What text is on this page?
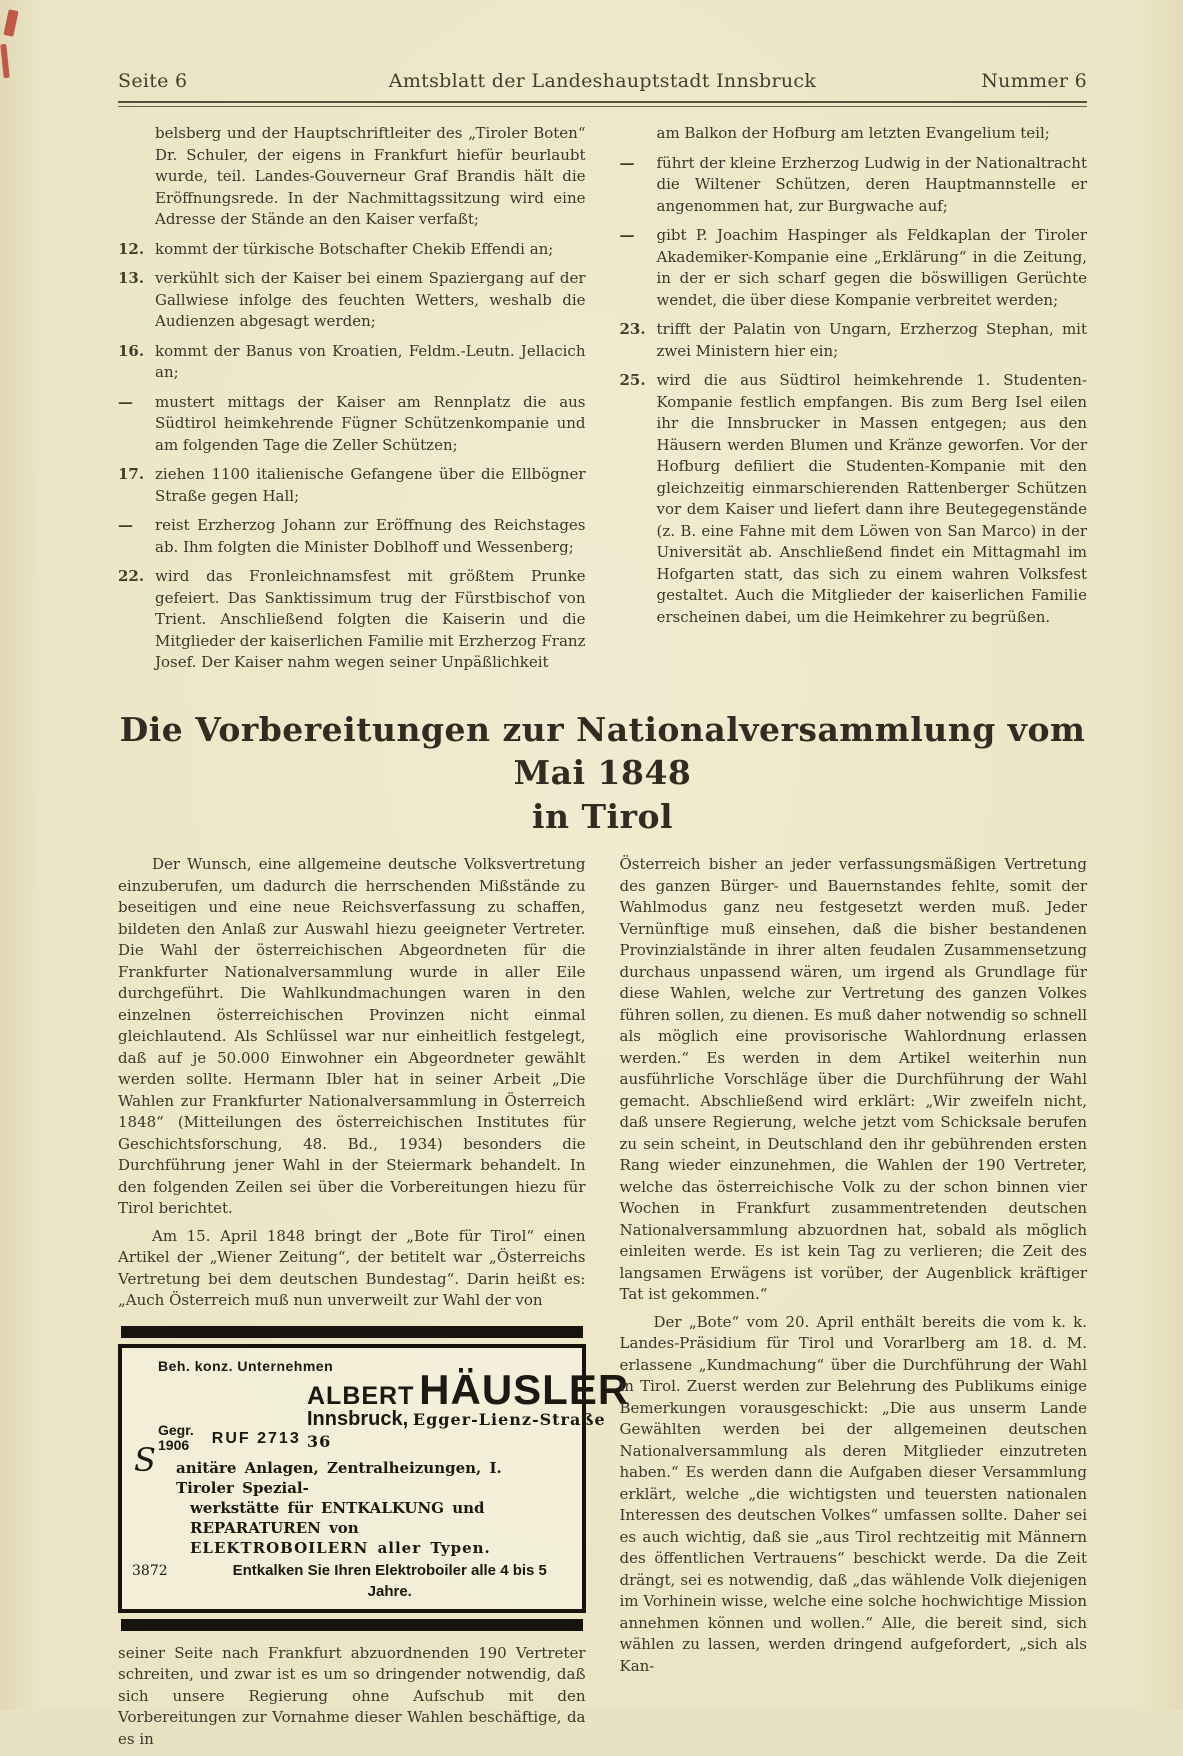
Seite 6	Amtsblatt der Landeshauptstadt Innsbruck	Nummer 6
belsberg und der Hauptschriftleiter des „Tiroler Boten“ Dr. Schuler, der eigens in Frankfurt hiefür beurlaubt wurde, teil. Landes-Gouverneur Graf Brandis hält die Eröffnungsrede. In der Nachmittagssitzung wird eine Adresse der Stände an den Kaiser verfaßt;
12. kommt der türkische Botschafter Chekib Effendi an;
13. verkühlt sich der Kaiser bei einem Spaziergang auf der Gallwiese infolge des feuchten Wetters, weshalb die Audienzen abgesagt werden;
16. kommt der Banus von Kroatien, Feldm.-Leutn. Jellacich an;
—	mustert mittags der Kaiser am Rennplatz die aus Südtirol heimkehrende Fügner Schützenkompanie und am folgenden Tage die Zeller Schützen;
17. ziehen 1100 italienische Gefangene über die Ellbögner Straße gegen Hall;
—	reist Erzherzog Johann zur Eröffnung des Reichstages ab. Ihm folgten die Minister Doblhoff und Wessenberg;
22. wird das Fronleichnamsfest mit größtem Prunke gefeiert. Das Sanktissimum trug der Fürstbischof von Trient. Anschließend folgten die Kaiserin und die Mitglieder der kaiserlichen Familie mit Erzherzog Franz Josef. Der Kaiser nahm wegen seiner Unpäßlichkeit
am Balkon der Hofburg am letzten Evangelium teil;
—	führt der kleine Erzherzog Ludwig in der Nationaltracht die Wiltener Schützen, deren Hauptmannstelle er angenommen hat, zur Burgwache auf;
—	gibt P. Joachim Haspinger als Feldkaplan der Tiroler Akademiker-Kompanie eine „Erklärung“ in die Zeitung, in der er sich scharf gegen die böswilligen Gerüchte wendet, die über diese Kompanie verbreitet werden;
23. trifft der Palatin von Ungarn, Erzherzog Stephan, mit zwei Ministern hier ein;
25. wird die aus Südtirol heimkehrende 1. Studenten-Kompanie festlich empfangen. Bis zum Berg Isel eilen ihr die Innsbrucker in Massen entgegen; aus den Häusern werden Blumen und Kränze geworfen. Vor der Hofburg defiliert die Studenten-Kompanie mit den gleichzeitig einmarschierenden Rattenberger Schützen vor dem Kaiser und liefert dann ihre Beutegegenstände (z. B. eine Fahne mit dem Löwen von San Marco) in der Universität ab. Anschließend findet ein Mittagmahl im Hofgarten statt, das sich zu einem wahren Volksfest gestaltet. Auch die Mitglieder der kaiserlichen Familie erscheinen dabei, um die Heimkehrer zu begrüßen.
Die Vorbereitungen zur Nationalversammlung vom Mai 1848
in Tirol

Der Wunsch, eine allgemeine deutsche Volksvertretung einzuberufen, um dadurch die herrschenden Mißstände zu beseitigen und eine neue Reichsverfassung zu schaffen, bildeten den Anlaß zur Auswahl hiezu geeigneter Vertreter. Die Wahl der österreichischen Abgeordneten für die Frankfurter Nationalversammlung wurde in aller Eile durchgeführt. Die Wahlkundmachungen waren in den einzelnen österreichischen Provinzen nicht einmal gleichlautend. Als Schlüssel war nur einheitlich festgelegt, daß auf je 50.000 Einwohner ein Abgeordneter gewählt werden sollte. Hermann Ibler hat in seiner Arbeit „Die Wahlen zur Frankfurter Nationalversammlung in Österreich 1848“ (Mitteilungen des österreichischen Institutes für Geschichtsforschung, 48. Bd., 1934) besonders die Durchführung jener Wahl in der Steiermark behandelt. In den folgenden Zeilen sei über die Vorbereitungen hiezu für Tirol berichtet.

Am 15. April 1848 bringt der „Bote für Tirol“ einen Artikel der „Wiener Zeitung“, der betitelt war „Österreichs Vertretung bei dem deutschen Bundestag“. Darin heißt es: „Auch Österreich muß nun unverweilt zur Wahl der von

Beh. konz. Unternehmen
Gegr.
1906 RUF 2713
ALBERT HÄUSLER
Innsbruck, Egger-Lienz-Straße 36
S anitäre Anlagen, Zentralheizungen, I. Tiroler Spezial-
werkstätte für ENTKALKUNG und REPARATUREN von
ELEKTROBOILERN aller Typen.
3872	Entkalken Sie Ihren Elektroboiler alle 4 bis 5 Jahre.

seiner Seite nach Frankfurt abzuordnenden 190 Vertreter schreiten, und zwar ist es um so dringender notwendig, daß sich unsere Regierung ohne Aufschub mit den Vorbereitungen zur Vornahme dieser Wahlen beschäftige, da es in

Österreich bisher an jeder verfassungsmäßigen Vertretung des ganzen Bürger- und Bauernstandes fehlte, somit der Wahlmodus ganz neu festgesetzt werden muß. Jeder Vernünftige muß einsehen, daß die bisher bestandenen Provinzialstände in ihrer alten feudalen Zusammensetzung durchaus unpassend wären, um irgend als Grundlage für diese Wahlen, welche zur Vertretung des ganzen Volkes führen sollen, zu dienen. Es muß daher notwendig so schnell als möglich eine provisorische Wahlordnung erlassen werden.“ Es werden in dem Artikel weiterhin nun ausführliche Vorschläge über die Durchführung der Wahl gemacht. Abschließend wird erklärt: „Wir zweifeln nicht, daß unsere Regierung, welche jetzt vom Schicksale berufen zu sein scheint, in Deutschland den ihr gebührenden ersten Rang wieder einzunehmen, die Wahlen der 190 Vertreter, welche das österreichische Volk zu der schon binnen vier Wochen in Frankfurt zusammentretenden deutschen Nationalversammlung abzuordnen hat, sobald als möglich einleiten werde. Es ist kein Tag zu verlieren; die Zeit des langsamen Erwägens ist vorüber, der Augenblick kräftiger Tat ist gekommen.“

Der „Bote“ vom 20. April enthält bereits die vom k. k. Landes-Präsidium für Tirol und Vorarlberg am 18. d. M. erlassene „Kundmachung“ über die Durchführung der Wahl in Tirol. Zuerst werden zur Belehrung des Publikums einige Bemerkungen vorausgeschickt: „Die aus unserm Lande Gewählten werden bei der allgemeinen deutschen Nationalversammlung als deren Mitglieder einzutreten haben.“ Es werden dann die Aufgaben dieser Versammlung erklärt, welche „die wichtigsten und teuersten nationalen Interessen des deutschen Volkes“ umfassen sollte. Daher sei es auch wichtig, daß sie „aus Tirol rechtzeitig mit Männern des öffentlichen Vertrauens“ beschickt werde. Da die Zeit drängt, sei es notwendig, daß „das wählende Volk diejenigen im Vorhinein wisse, welche eine solche hochwichtige Mission annehmen können und wollen.“ Alle, die bereit sind, sich wählen zu lassen, werden dringend aufgefordert, „sich als Kan-
